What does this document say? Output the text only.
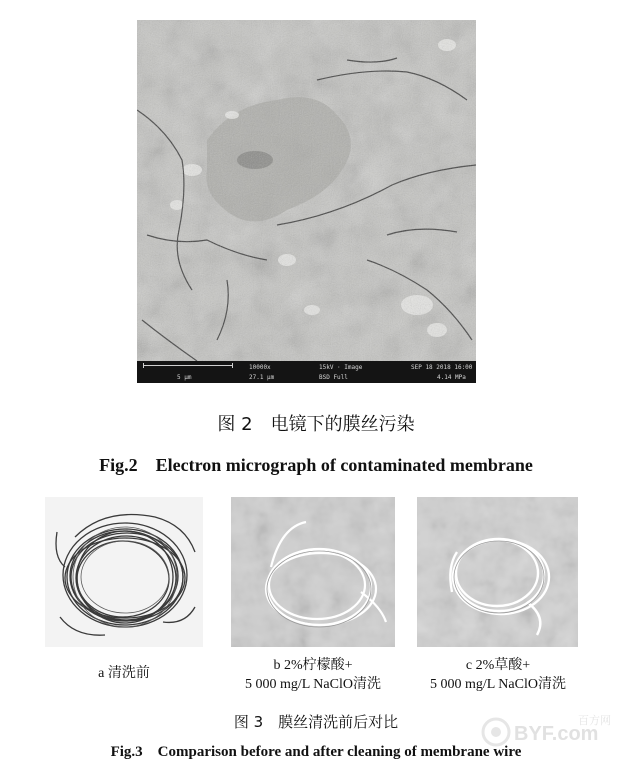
5 μm
10000x
27.1 μm
15kV · Image
BSD Full
SEP 18 2018 16:00
4.14 MPa
图 2　电镜下的膜丝污染
Fig.2　Electron micrograph of contaminated membrane
a 清洗前
b 2%柠檬酸+
5 000 mg/L NaClO清洗
c 2%草酸+
5 000 mg/L NaClO清洗
图 3　膜丝清洗前后对比
Fig.3　Comparison before and after cleaning of membrane wire
BYF.com
百方网
